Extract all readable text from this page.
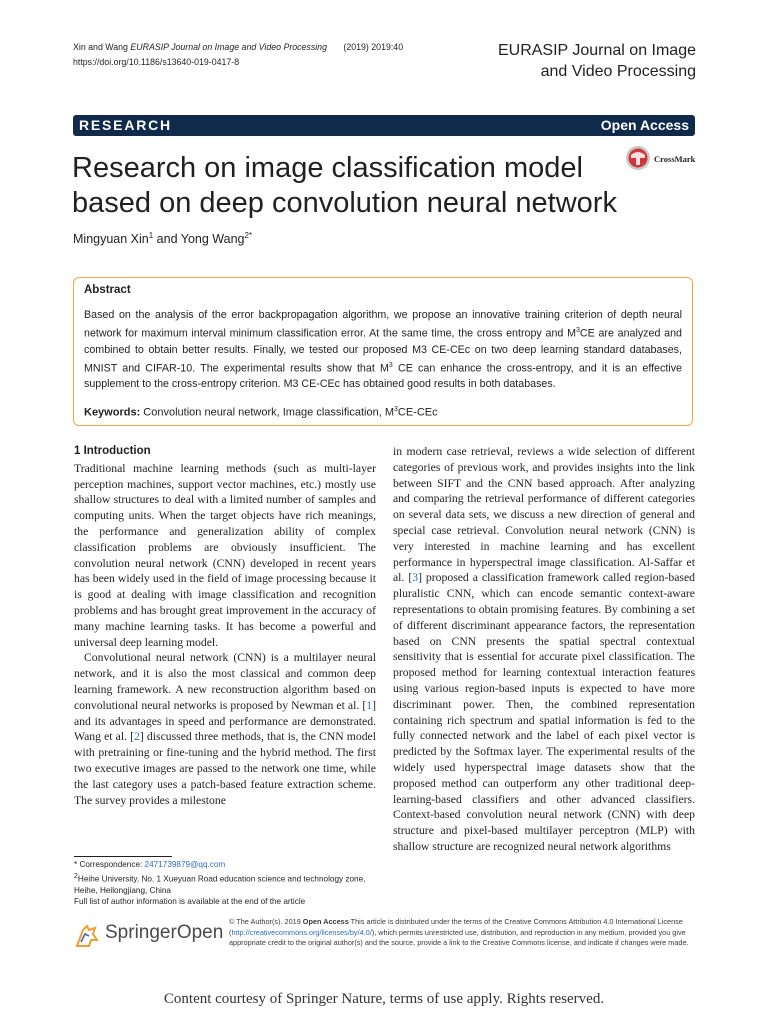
Xin and Wang EURASIP Journal on Image and Video Processing (2019) 2019:40
https://doi.org/10.1186/s13640-019-0417-8
EURASIP Journal on Image
and Video Processing
RESEARCH	Open Access
Research on image classification model
based on deep convolution neural network
CrossMark
Mingyuan Xin$^1$ and Yong Wang$^{2*}$
Abstract
Based on the analysis of the error backpropagation algorithm, we propose an innovative training criterion of depth neural network for maximum interval minimum classification error. At the same time, the cross entropy and $M^3CE$ are analyzed and combined to obtain better results. Finally, we tested our proposed M3 CE-CEc on two deep learning standard databases, MNIST and CIFAR-10. The experimental results show that $M^3$ CE can enhance the cross-entropy, and it is an effective supplement to the cross-entropy criterion. M3 CE-CEc has obtained good results in both databases.
Keywords: Convolution neural network, Image classification, $M^3CE$-CEc
1 Introduction

Traditional machine learning methods (such as multi-layer perception machines, support vector machines, etc.) mostly use shallow structures to deal with a limited number of samples and computing units. When the target objects have rich meanings, the performance and generalization ability of complex classification problems are obviously insufficient. The convolution neural network (CNN) developed in recent years has been widely used in the field of image processing because it is good at dealing with image classification and recognition problems and has brought great improvement in the accuracy of many machine learning tasks. It has become a powerful and universal deep learning model.

Convolutional neural network (CNN) is a multilayer neural network, and it is also the most classical and common deep learning framework. A new reconstruction algorithm based on convolutional neural networks is proposed by Newman et al. [1] and its advantages in speed and performance are demonstrated. Wang et al. [2] discussed three methods, that is, the CNN model with pretraining or fine-tuning and the hybrid method. The first two executive images are passed to the network one time, while the last category uses a patch-based feature extraction scheme. The survey provides a milestone

in modern case retrieval, reviews a wide selection of different categories of previous work, and provides insights into the link between SIFT and the CNN based approach. After analyzing and comparing the retrieval performance of different categories on several data sets, we discuss a new direction of general and special case retrieval. Convolution neural network (CNN) is very interested in machine learning and has excellent performance in hyperspectral image classification. Al-Saffar et al. [3] proposed a classification framework called region-based pluralistic CNN, which can encode semantic context-aware representations to obtain promising features. By combining a set of different discriminant appearance factors, the representation based on CNN presents the spatial spectral contextual sensitivity that is essential for accurate pixel classification. The proposed method for learning contextual interaction features using various region-based inputs is expected to have more discriminant power. Then, the combined representation containing rich spectrum and spatial information is fed to the fully connected network and the label of each pixel vector is predicted by the Softmax layer. The experimental results of the widely used hyperspectral image datasets show that the proposed method can outperform any other traditional deep-learning-based classifiers and other advanced classifiers. Context-based convolution neural network (CNN) with deep structure and pixel-based multilayer perceptron (MLP) with shallow structure are recognized neural network algorithms

* Correspondence: 2471739879@qq.com

$^2$Heihe University, No. 1 Xueyuan Road education science and technology zone, Heihe, Heilongjiang, China

Full list of author information is available at the end of the article

SpringerOpen
© The Author(s). 2019 Open Access This article is distributed under the terms of the Creative Commons Attribution 4.0 International License (http://creativecommons.org/licenses/by/4.0/), which permits unrestricted use, distribution, and reproduction in any medium, provided you give appropriate credit to the original author(s) and the source, provide a link to the Creative Commons license, and indicate if changes were made.
Content courtesy of Springer Nature, terms of use apply. Rights reserved.
